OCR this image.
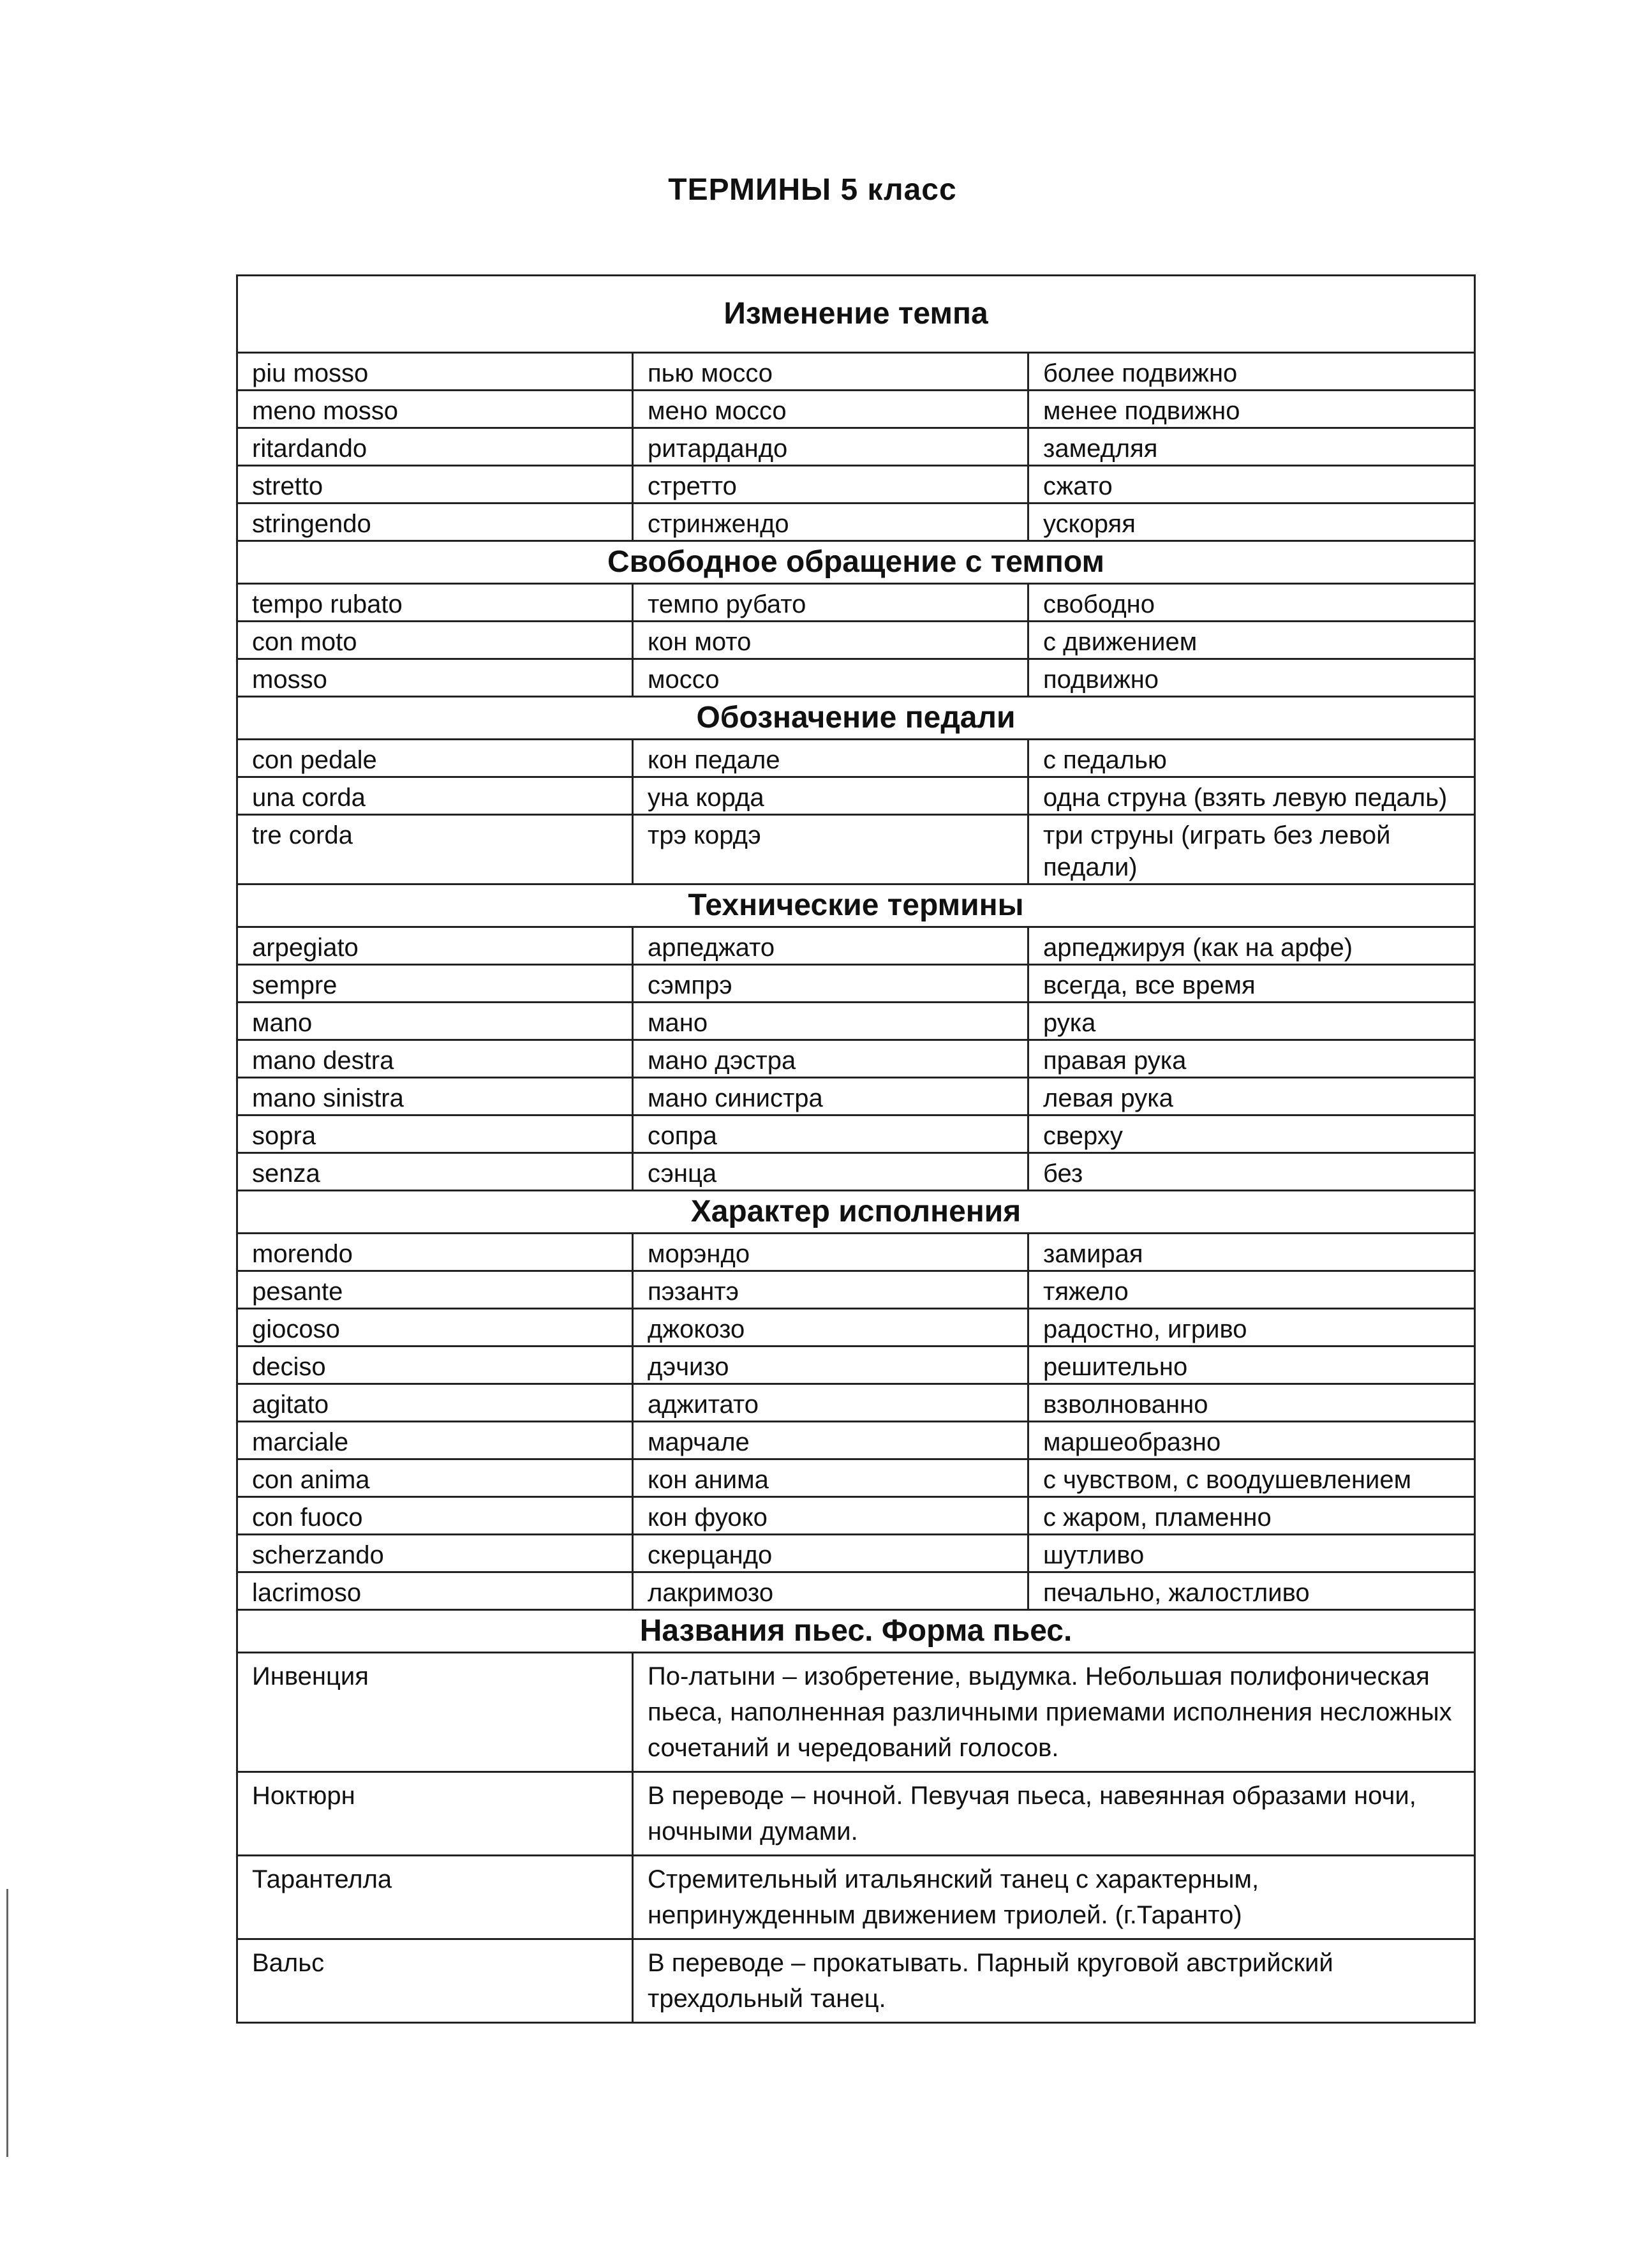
ТЕРМИНЫ 5 класс
Изменение темпа		
piu mosso	пью моссо	более подвижно
meno mosso	мено моссо	менее подвижно
ritardando	ритардандо	замедляя
stretto	стретто	сжато
stringendo	стринжендо	ускоряя
Свободное обращение с темпом		
tempo rubato	темпо рубато	свободно
con moto	кон мото	с движением
mosso	моссо	подвижно
Обозначение педали		
con pedale	кон педале	с педалью
una corda	уна корда	одна струна (взять левую педаль)
tre corda	трэ кордэ	три струны (играть без левой педали)
Технические термины		
arpegiato	арпеджато	арпеджируя (как на арфе)
sempre	сэмпрэ	всегда, все время
мano	мано	рука
mano destra	мано дэстра	правая рука
mano sinistra	мано синистра	левая рука
sopra	сопра	сверху
senza	сэнца	без
Характер исполнения		
morendo	морэндо	замирая
pesante	пэзантэ	тяжело
giocoso	джокозо	радостно, игриво
deciso	дэчизо	решительно
agitato	аджитато	взволнованно
marciale	марчале	маршеобразно
con anima	кон анима	с чувством, с воодушевлением
con fuoco	кон фуоко	с жаром, пламенно
scherzando	скерцандо	шутливо
lacrimoso	лакримозо	печально, жалостливо
Названия пьес. Форма пьес.		
Инвенция	По-латыни – изобретение, выдумка. Небольшая полифоническая пьеса, наполненная различными приемами исполнения несложных сочетаний и чередований голосов.	
Ноктюрн	В переводе – ночной. Певучая пьеса, навеянная образами ночи, ночными думами.	
Тарантелла	Стремительный итальянский танец с характерным, непринужденным движением триолей. (г.Таранто)	
Вальс	В переводе – прокатывать. Парный круговой австрийский трехдольный танец.	
